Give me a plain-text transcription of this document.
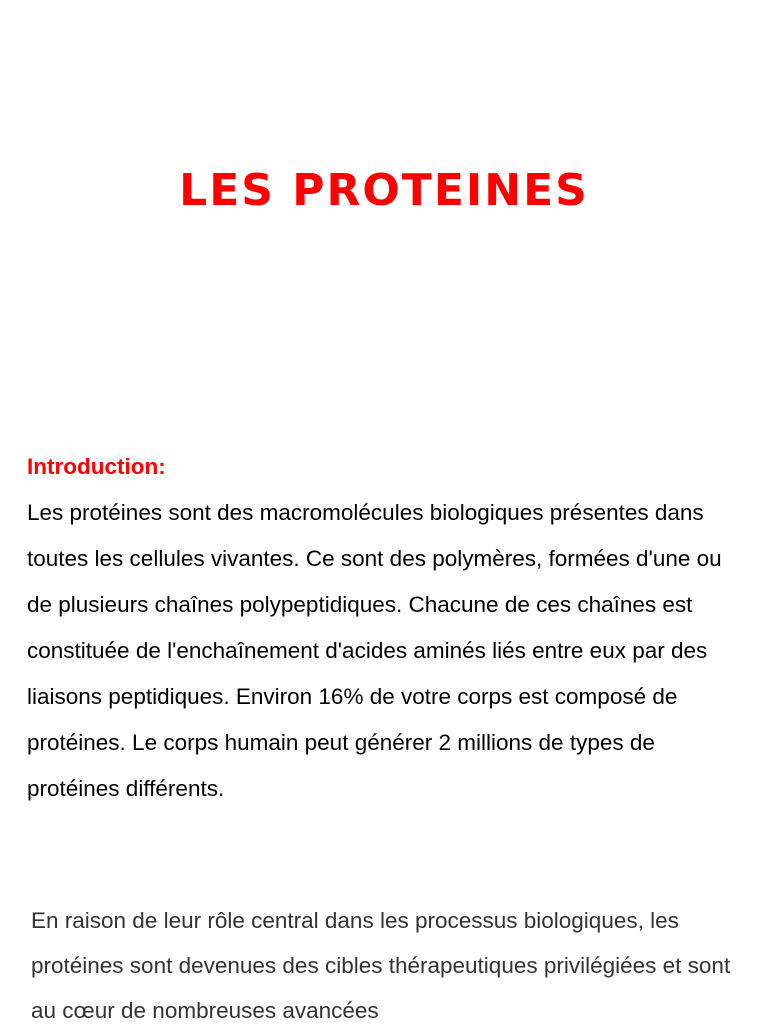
LES PROTEINES
Introduction:
Les protéines sont des macromolécules biologiques présentes dans toutes les cellules vivantes. Ce sont des polymères, formées d'une ou de plusieurs chaînes polypeptidiques. Chacune de ces chaînes est constituée de l'enchaînement d'acides aminés liés entre eux par des liaisons peptidiques. Environ 16% de votre corps est composé de protéines. Le corps humain peut générer 2 millions de types de protéines différents.

En raison de leur rôle central dans les processus biologiques, les protéines sont devenues des cibles thérapeutiques privilégiées et sont au cœur de nombreuses avancées
